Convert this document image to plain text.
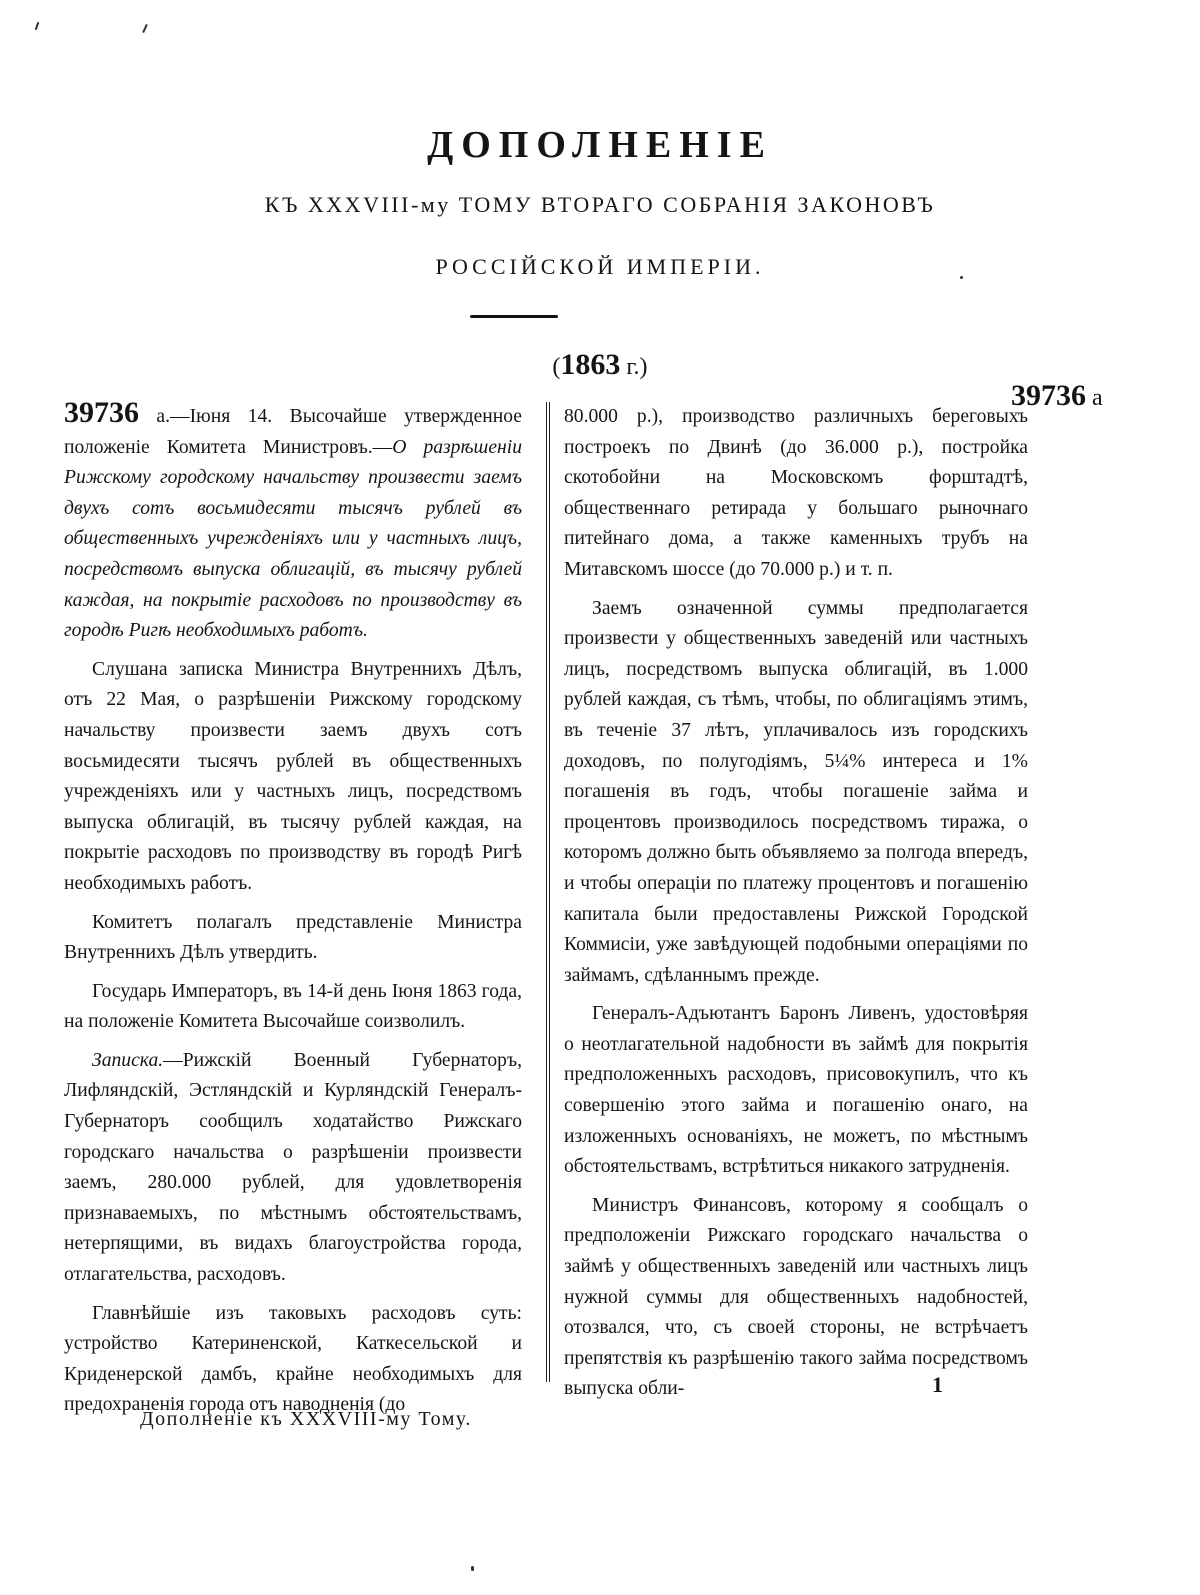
ДОПОЛНЕНІЕ
КЪ XXXVIII-му ТОМУ ВТОРАГО СОБРАНІЯ ЗАКОНОВЪ
РОССІЙСКОЙ ИМПЕРІИ.
(1863 г.)

39736 а.—Іюня 14. Высочайше утвержденное положеніе Комитета Министровъ.—О разрѣшеніи Рижскому городскому начальству произвести заемъ двухъ сотъ восьмидесяти тысячъ рублей въ общественныхъ учрежденіяхъ или у частныхъ лицъ, посредствомъ выпуска облигацій, въ тысячу рублей каждая, на покрытіе расходовъ по производству въ городѣ Ригѣ необходимыхъ работъ.

Слушана записка Министра Внутреннихъ Дѣлъ, отъ 22 Мая, о разрѣшеніи Рижскому городскому начальству произвести заемъ двухъ сотъ восьмидесяти тысячъ рублей въ общественныхъ учрежденіяхъ или у частныхъ лицъ, посредствомъ выпуска облигацій, въ тысячу рублей каждая, на покрытіе расходовъ по производству въ городѣ Ригѣ необходимыхъ работъ.

Комитетъ полагалъ представленіе Министра Внутреннихъ Дѣлъ утвердить.

Государь Императоръ, въ 14-й день Іюня 1863 года, на положеніе Комитета Высочайше соизволилъ.

Записка.—Рижскій Военный Губернаторъ, Лифляндскій, Эстляндскій и Курляндскій Генералъ-Губернаторъ сообщилъ ходатайство Рижскаго городскаго начальства о разрѣшеніи произвести заемъ, 280.000 рублей, для удовлетворенія признаваемыхъ, по мѣстнымъ обстоятельствамъ, нетерпящими, въ видахъ благоустройства города, отлагательства, расходовъ.

Главнѣйшіе изъ таковыхъ расходовъ суть: устройство Катериненской, Каткесельской и Криденерской дамбъ, крайне необходимыхъ для предохраненія города отъ наводненія (до

80.000 р.), производство различныхъ береговыхъ построекъ по Двинѣ (до 36.000 р.), постройка скотобойни на Московскомъ форштадтѣ, общественнаго ретирада у большаго рыночнаго питейнаго дома, а также каменныхъ трубъ на Митавскомъ шоссе (до 70.000 р.) и т. п.

Заемъ означенной суммы предполагается произвести у общественныхъ заведеній или частныхъ лицъ, посредствомъ выпуска облигацій, въ 1.000 рублей каждая, съ тѣмъ, чтобы, по облигаціямъ этимъ, въ теченіе 37 лѣтъ, уплачивалось изъ городскихъ доходовъ, по полугодіямъ, 5¼% интереса и 1% погашенія въ годъ, чтобы погашеніе займа и процентовъ производилось посредствомъ тиража, о которомъ должно быть объявляемо за полгода впередъ, и чтобы операціи по платежу процентовъ и погашенію капитала были предоставлены Рижской Городской Коммисіи, уже завѣдующей подобными операціями по займамъ, сдѣланнымъ прежде.

Генералъ-Адъютантъ Баронъ Ливенъ, удостовѣряя о неотлагательной надобности въ займѣ для покрытія предположенныхъ расходовъ, присовокупилъ, что къ совершенію этого займа и погашенію онаго, на изложенныхъ основаніяхъ, не можетъ, по мѣстнымъ обстоятельствамъ, встрѣтиться никакого затрудненія.

Министръ Финансовъ, которому я сообщалъ о предположеніи Рижскаго городскаго начальства о займѣ у общественныхъ заведеній или частныхъ лицъ нужной суммы для общественныхъ надобностей, отозвался, что, съ своей стороны, не встрѣчаетъ препятствія къ разрѣшенію такого займа посредствомъ выпуска обли-

39736 а
Дополненіе къ XXXVIII-му Тому.
1
